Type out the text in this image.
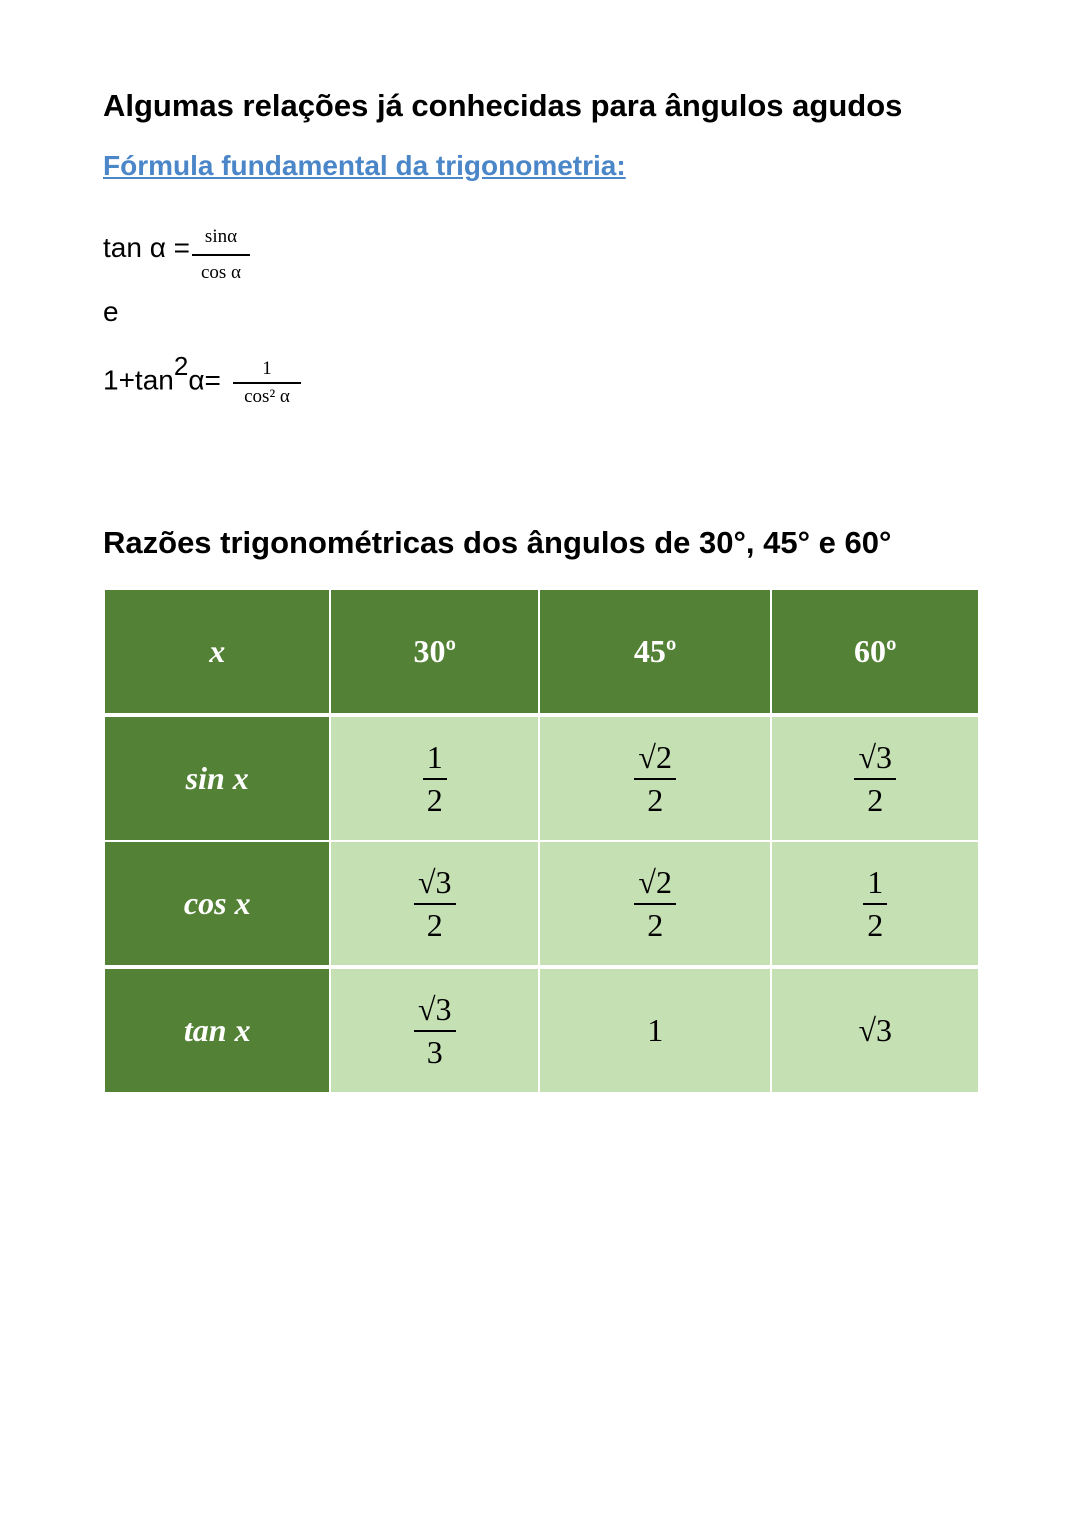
Algumas relações já conhecidas para ângulos agudos
Fórmula fundamental da trigonometria:
tan α = sinα
cos α
e
$1+\tan^2\alpha= 1$
cos² α
Razões trigonométricas dos ângulos de 30°, 45° e 60°
x	30º	45º	60º
sin x	$\frac{1}{2}$	$\frac{√2}{2}$	$\frac{√3}{2}$

cos x	$\frac{√3}{2}$	$\frac{√2}{2}$	$\frac{1}{2}$

tan x	$\frac{√3}{3}$	1	√3
